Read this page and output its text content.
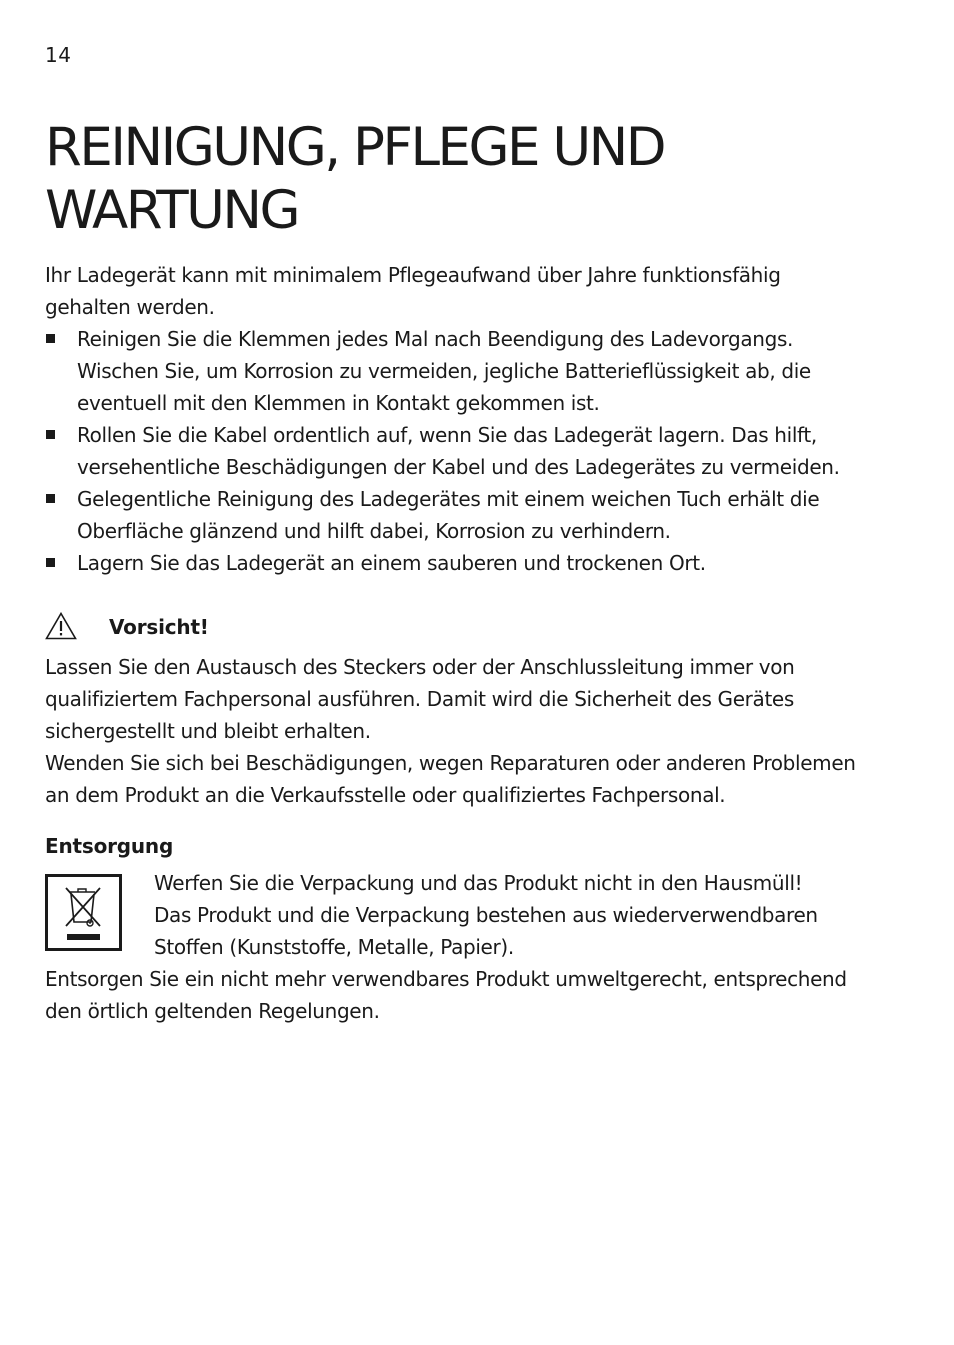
14
REINIGUNG, PFLEGE UND WARTUNG

Ihr Ladegerät kann mit minimalem Pflegeaufwand über Jahre funktionsfähig gehalten werden.

Reinigen Sie die Klemmen jedes Mal nach Beendigung des Ladevorgangs. Wischen Sie, um Korrosion zu vermeiden, jegliche Batterieflüssigkeit ab, die eventuell mit den Klemmen in Kontakt gekommen ist.
Rollen Sie die Kabel ordentlich auf, wenn Sie das Ladegerät lagern. Das hilft, versehentliche Beschädigungen der Kabel und des Ladegerätes zu vermeiden.
Gelegentliche Reinigung des Ladegerätes mit einem weichen Tuch erhält die Oberfläche glänzend und hilft dabei, Korrosion zu verhindern.
Lagern Sie das Ladegerät an einem sauberen und trockenen Ort.
Vorsicht!

Lassen Sie den Austausch des Steckers oder der Anschlussleitung immer von qualifiziertem Fachpersonal ausführen. Damit wird die Sicherheit des Gerätes sichergestellt und bleibt erhalten.

Wenden Sie sich bei Beschädigungen, wegen Reparaturen oder anderen Problemen an dem Produkt an die Verkaufsstelle oder qualifiziertes Fachpersonal.

Entsorgung

Werfen Sie die Verpackung und das Produkt nicht in den Hausmüll!

Das Produkt und die Verpackung bestehen aus wiederverwendbaren Stoffen (Kunststoffe, Metalle, Papier).

Entsorgen Sie ein nicht mehr verwendbares Produkt umweltgerecht, entsprechend den örtlich geltenden Regelungen.
